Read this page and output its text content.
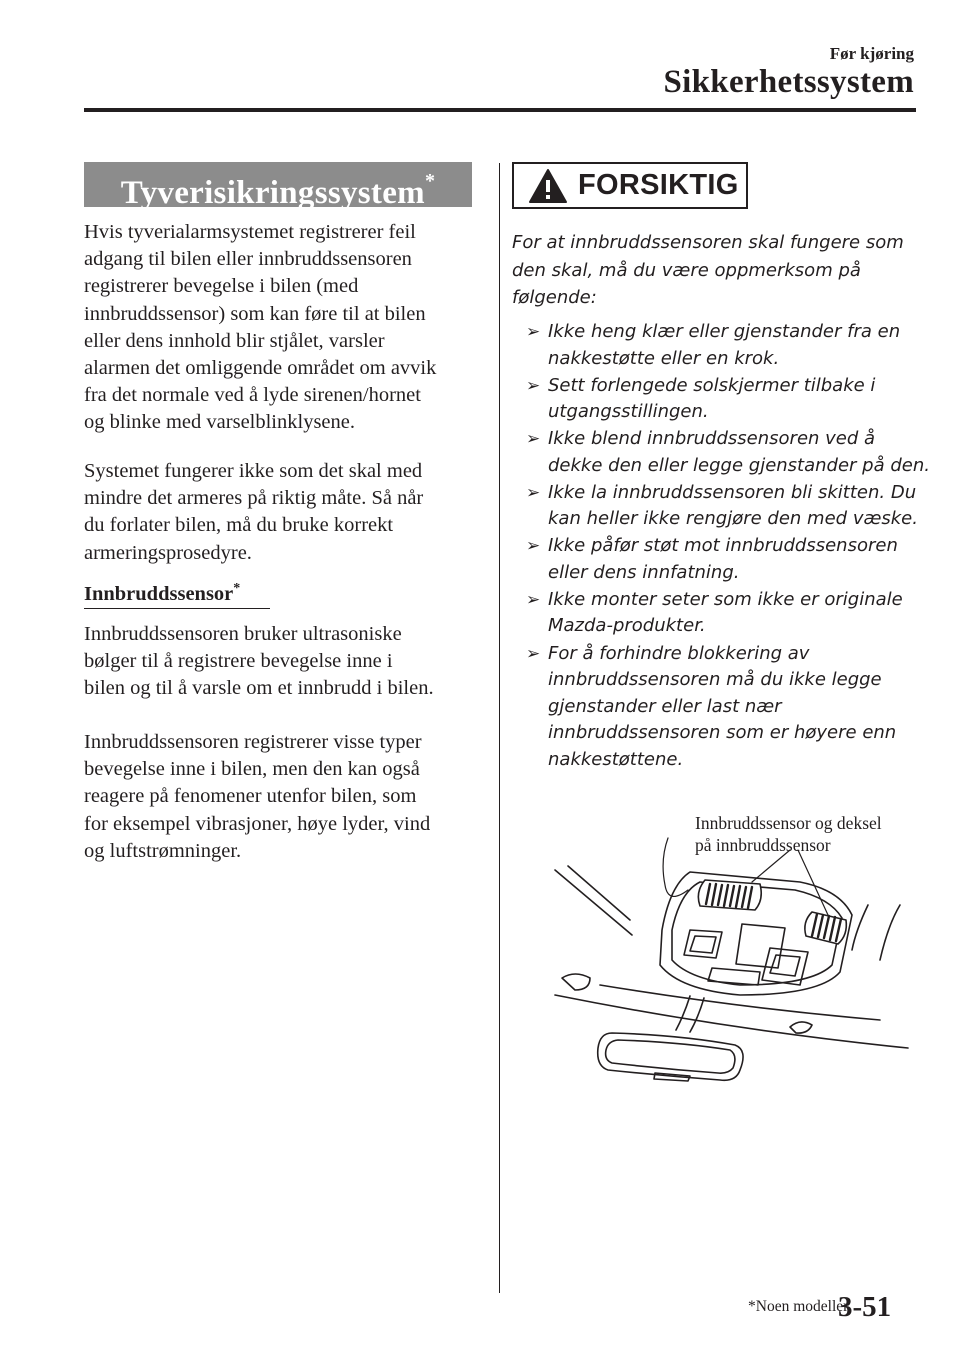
Før kjøring
Sikkerhetssystem
Tyverisikringssystem*

Hvis tyverialarmsystemet registrerer feil
adgang til bilen eller innbruddssensoren
registrerer bevegelse i bilen (med
innbruddssensor) som kan føre til at bilen
eller dens innhold blir stjålet, varsler
alarmen det omliggende området om avvik
fra det normale ved å lyde sirenen/hornet
og blinke med varselblinklysene.

Systemet fungerer ikke som det skal med
mindre det armeres på riktig måte. Så når
du forlater bilen, må du bruke korrekt
armeringsprosedyre.

Innbruddssensor*

Innbruddssensoren bruker ultrasoniske
bølger til å registrere bevegelse inne i
bilen og til å varsle om et innbrudd i bilen.

Innbruddssensoren registrerer visse typer
bevegelse inne i bilen, men den kan også
reagere på fenomener utenfor bilen, som
for eksempel vibrasjoner, høye lyder, vind
og luftstrømninger.

FORSIKTIG

For at innbruddssensoren skal fungere som
den skal, må du være oppmerksom på
følgende:

➢ Ikke heng klær eller gjenstander fra en
nakkestøtte eller en krok.
➢ Sett forlengede solskjermer tilbake i
utgangsstillingen.
➢ Ikke blend innbruddssensoren ved å
dekke den eller legge gjenstander på den.
➢ Ikke la innbruddssensoren bli skitten. Du
kan heller ikke rengjøre den med væske.
➢ Ikke påfør støt mot innbruddssensoren
eller dens innfatning.
➢ Ikke monter seter som ikke er originale
Mazda-produkter.
➢ For å forhindre blokkering av
innbruddssensoren må du ikke legge
gjenstander eller last nær
innbruddssensoren som er høyere enn
nakkestøttene.
Innbruddssensor og deksel
på innbruddssensor
*Noen modeller.
3-51
